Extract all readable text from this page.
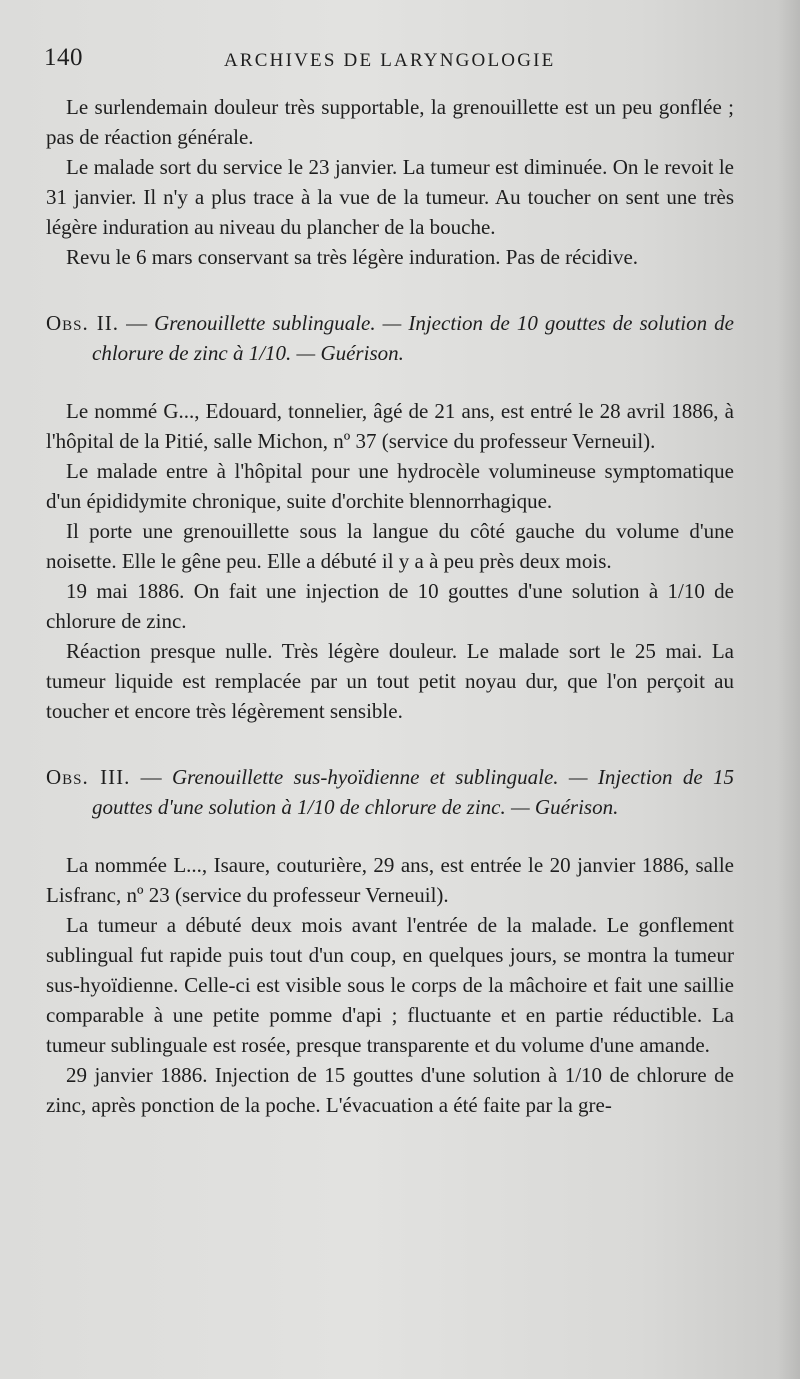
140	ARCHIVES DE LARYNGOLOGIE

Le surlendemain douleur très supportable, la grenouillette est un peu gonflée ; pas de réaction générale.

Le malade sort du service le 23 janvier. La tumeur est diminuée. On le revoit le 31 janvier. Il n'y a plus trace à la vue de la tumeur. Au toucher on sent une très légère induration au niveau du plancher de la bouche.

Revu le 6 mars conservant sa très légère induration. Pas de récidive.

Obs. II. — Grenouillette sublinguale. — Injection de 10 gouttes de solution de chlorure de zinc à 1/10. — Guérison.

Le nommé G..., Edouard, tonnelier, âgé de 21 ans, est entré le 28 avril 1886, à l'hôpital de la Pitié, salle Michon, nº 37 (service du professeur Verneuil).

Le malade entre à l'hôpital pour une hydrocèle volumineuse symptomatique d'un épididymite chronique, suite d'orchite blennorrhagique.

Il porte une grenouillette sous la langue du côté gauche du volume d'une noisette. Elle le gêne peu. Elle a débuté il y a à peu près deux mois.

19 mai 1886. On fait une injection de 10 gouttes d'une solution à 1/10 de chlorure de zinc.

Réaction presque nulle. Très légère douleur. Le malade sort le 25 mai. La tumeur liquide est remplacée par un tout petit noyau dur, que l'on perçoit au toucher et encore très légèrement sensible.

Obs. III. — Grenouillette sus-hyoïdienne et sublinguale. — Injection de 15 gouttes d'une solution à 1/10 de chlorure de zinc. — Guérison.

La nommée L..., Isaure, couturière, 29 ans, est entrée le 20 janvier 1886, salle Lisfranc, nº 23 (service du professeur Verneuil).

La tumeur a débuté deux mois avant l'entrée de la malade. Le gonflement sublingual fut rapide puis tout d'un coup, en quelques jours, se montra la tumeur sus-hyoïdienne. Celle-ci est visible sous le corps de la mâchoire et fait une saillie comparable à une petite pomme d'api ; fluctuante et en partie réductible. La tumeur sublinguale est rosée, presque transparente et du volume d'une amande.

29 janvier 1886. Injection de 15 gouttes d'une solution à 1/10 de chlorure de zinc, après ponction de la poche. L'évacuation a été faite par la gre-
